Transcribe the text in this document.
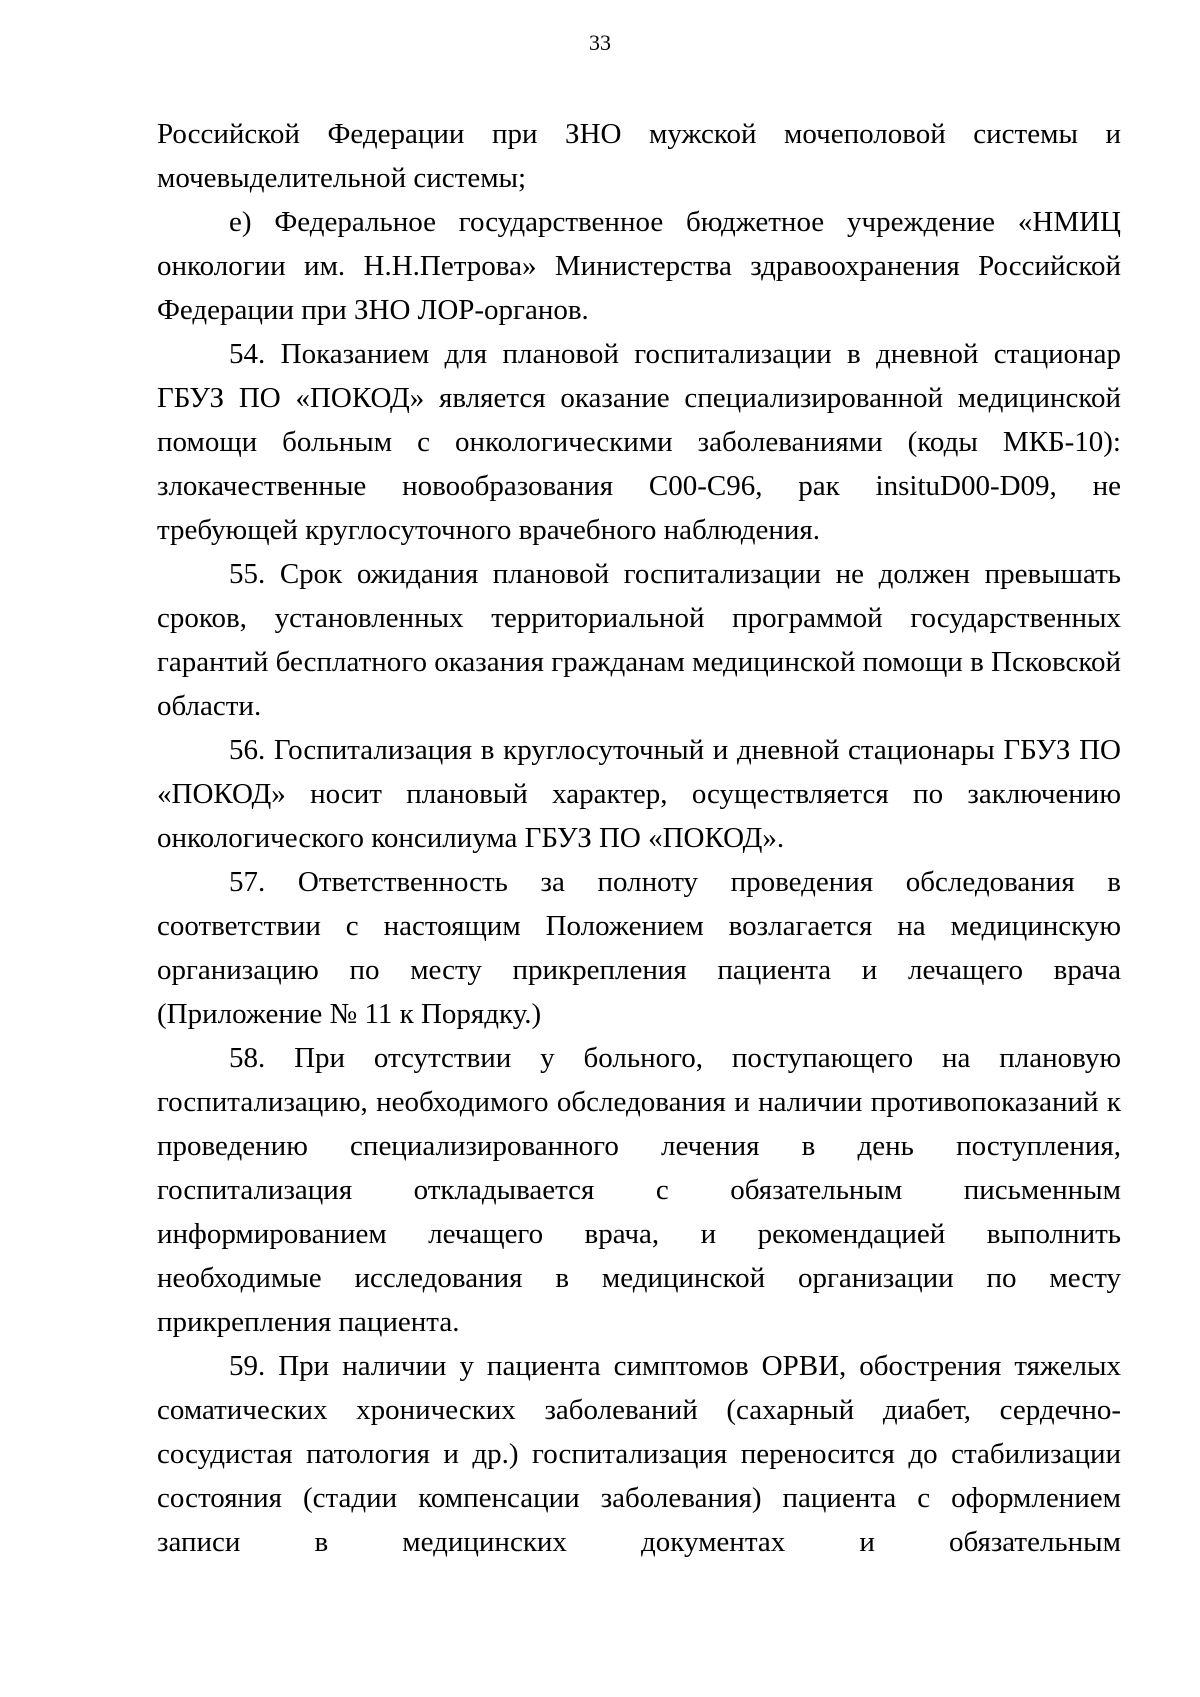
33

Российской Федерации при ЗНО мужской мочеполовой системы и мочевыделительной системы;

е) Федеральное государственное бюджетное учреждение «НМИЦ онкологии им. Н.Н.Петрова» Министерства здравоохранения Российской Федерации при ЗНО ЛОР-органов.

54. Показанием для плановой госпитализации в дневной стационар ГБУЗ ПО «ПОКОД» является оказание специализированной медицинской помощи больным с онкологическими заболеваниями (коды МКБ-10): злокачественные новообразования С00-С96, рак insituD00-D09, не требующей круглосуточного врачебного наблюдения.

55. Срок ожидания плановой госпитализации не должен превышать сроков, установленных территориальной программой государственных гарантий бесплатного оказания гражданам медицинской помощи в Псковской области.

56. Госпитализация в круглосуточный и дневной стационары ГБУЗ ПО «ПОКОД» носит плановый характер, осуществляется по заключению онкологического консилиума ГБУЗ ПО «ПОКОД».

57. Ответственность за полноту проведения обследования в соответствии с настоящим Положением возлагается на медицинскую организацию по месту прикрепления пациента и лечащего врача (Приложение № 11 к Порядку.)

58. При отсутствии у больного, поступающего на плановую госпитализацию, необходимого обследования и наличии противопоказаний к проведению специализированного лечения в день поступления, госпитализация откладывается с обязательным письменным информированием лечащего врача, и рекомендацией выполнить необходимые исследования в медицинской организации по месту прикрепления пациента.

59. При наличии у пациента симптомов ОРВИ, обострения тяжелых соматических хронических заболеваний (сахарный диабет, сердечно-сосудистая патология и др.) госпитализация переносится до стабилизации состояния (стадии компенсации заболевания) пациента с оформлением записи в медицинских документах и обязательным
